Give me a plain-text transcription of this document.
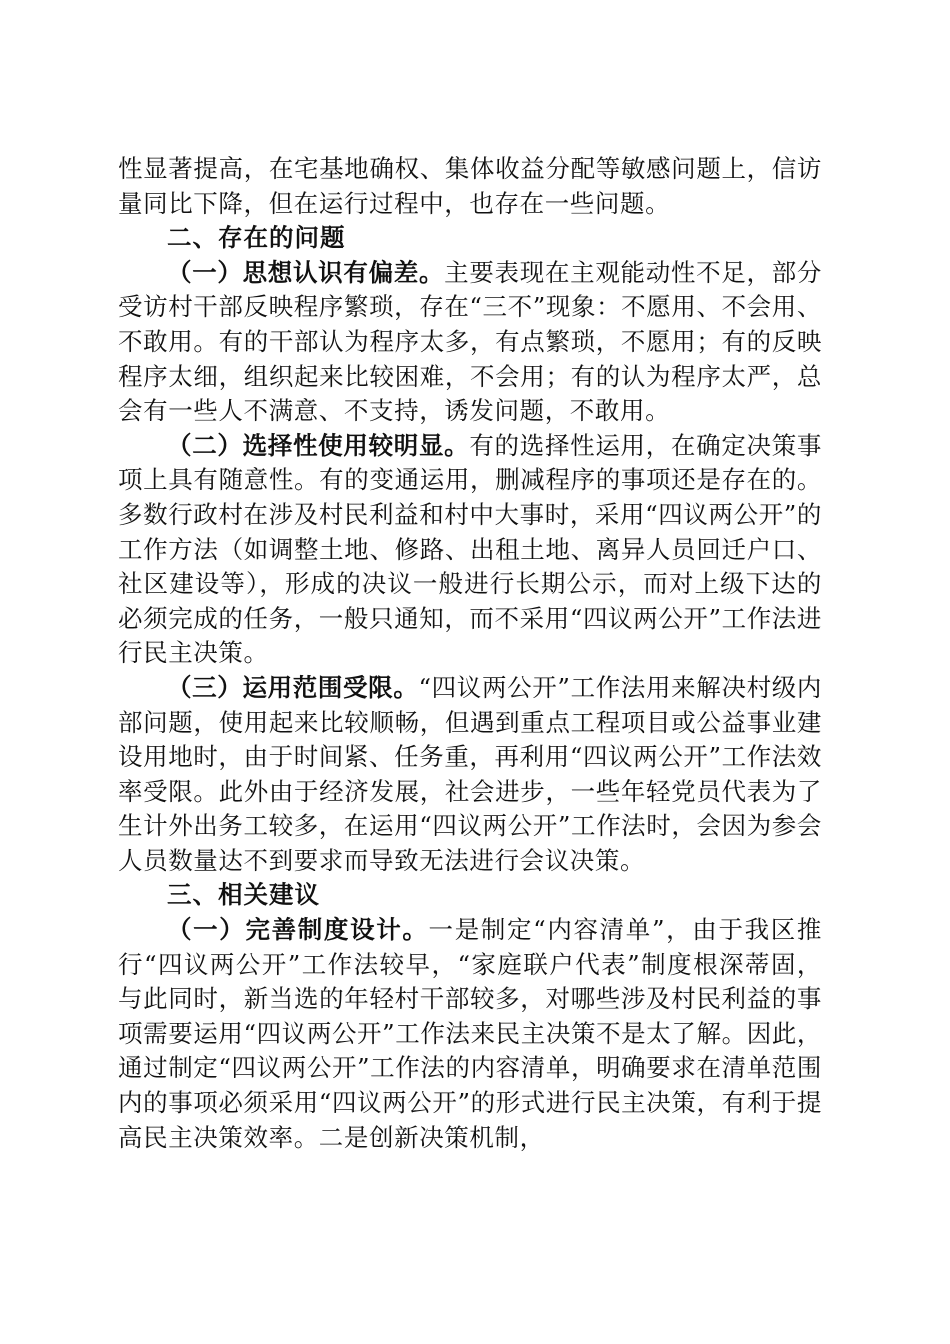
性显著提高，在宅基地确权、集体收益分配等敏感问题上，信访量同比下降，但在运行过程中，也存在一些问题。

二、存在的问题

（一）思想认识有偏差。主要表现在主观能动性不足，部分受访村干部反映程序繁琐，存在“三不”现象：不愿用、不会用、不敢用。有的干部认为程序太多，有点繁琐，不愿用；有的反映程序太细，组织起来比较困难，不会用；有的认为程序太严，总会有一些人不满意、不支持，诱发问题，不敢用。

（二）选择性使用较明显。有的选择性运用，在确定决策事项上具有随意性。有的变通运用，删减程序的事项还是存在的。多数行政村在涉及村民利益和村中大事时，采用“四议两公开”的工作方法（如调整土地、修路、出租土地、离异人员回迁户口、社区建设等），形成的决议一般进行长期公示，而对上级下达的必须完成的任务，一般只通知，而不采用“四议两公开”工作法进行民主决策。

（三）运用范围受限。“四议两公开”工作法用来解决村级内部问题，使用起来比较顺畅，但遇到重点工程项目或公益事业建设用地时，由于时间紧、任务重，再利用“四议两公开”工作法效率受限。此外由于经济发展，社会进步，一些年轻党员代表为了生计外出务工较多，在运用“四议两公开”工作法时，会因为参会人员数量达不到要求而导致无法进行会议决策。

三、相关建议

（一）完善制度设计。一是制定“内容清单”，由于我区推行“四议两公开”工作法较早，“家庭联户代表”制度根深蒂固，与此同时，新当选的年轻村干部较多，对哪些涉及村民利益的事项需要运用“四议两公开”工作法来民主决策不是太了解。因此，通过制定“四议两公开”工作法的内容清单，明确要求在清单范围内的事项必须采用“四议两公开”的形式进行民主决策，有利于提高民主决策效率。二是创新决策机制，
